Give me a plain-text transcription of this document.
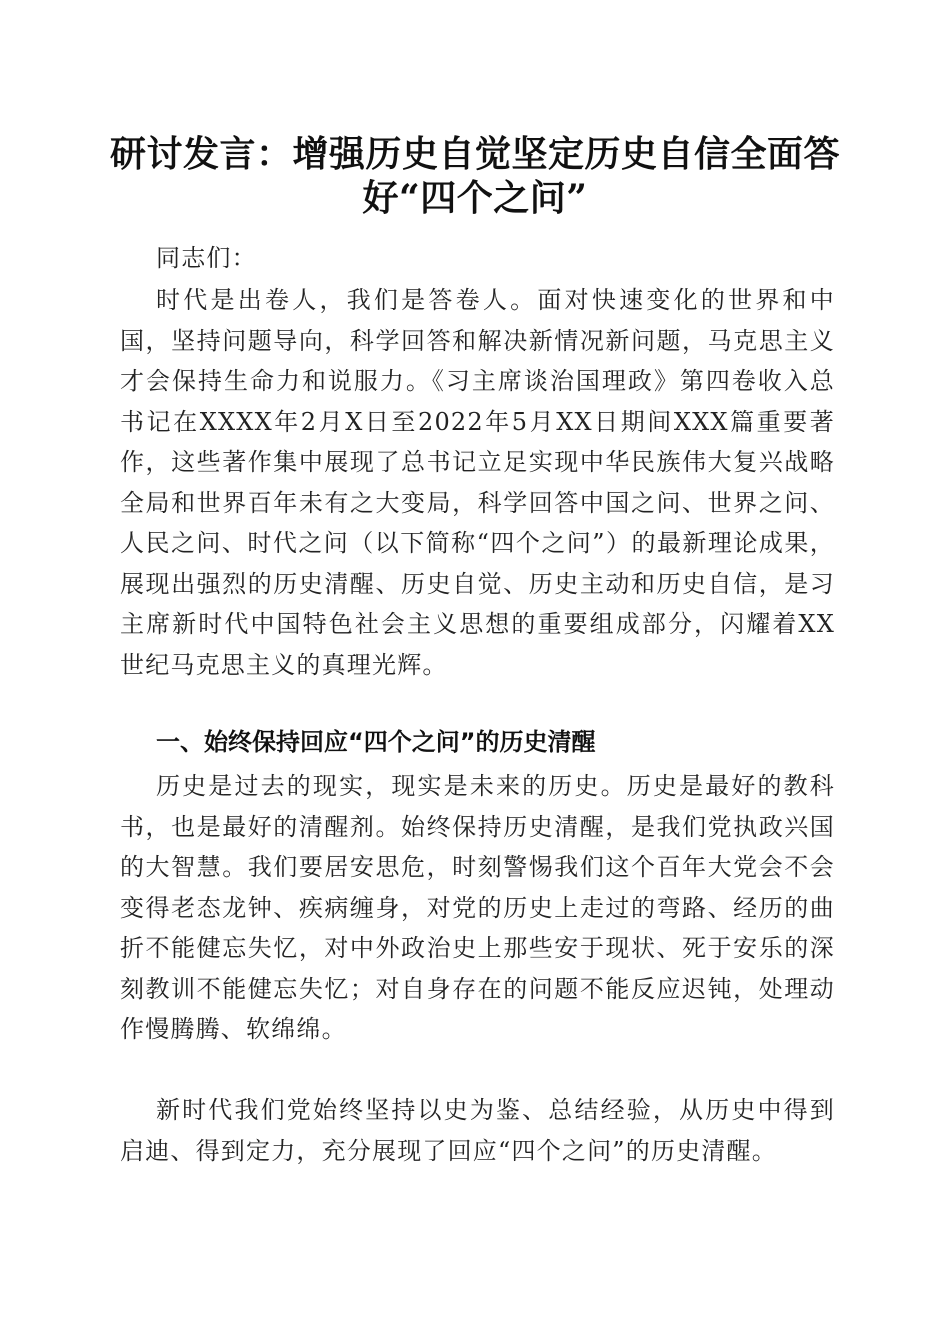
研讨发言：增强历史自觉坚定历史自信全面答好“四个之问”

同志们：

时代是出卷人，我们是答卷人。面对快速变化的世界和中国，坚持问题导向，科学回答和解决新情况新问题，马克思主义才会保持生命力和说服力。《习主席谈治国理政》第四卷收入总书记在XXXX年2月X日至2022年5月XX日期间XXX篇重要著作，这些著作集中展现了总书记立足实现中华民族伟大复兴战略全局和世界百年未有之大变局，科学回答中国之问、世界之问、人民之问、时代之问（以下简称“四个之问”）的最新理论成果，展现出强烈的历史清醒、历史自觉、历史主动和历史自信，是习主席新时代中国特色社会主义思想的重要组成部分，闪耀着XX世纪马克思主义的真理光辉。

一、始终保持回应“四个之问”的历史清醒

历史是过去的现实，现实是未来的历史。历史是最好的教科书，也是最好的清醒剂。始终保持历史清醒，是我们党执政兴国的大智慧。我们要居安思危，时刻警惕我们这个百年大党会不会变得老态龙钟、疾病缠身，对党的历史上走过的弯路、经历的曲折不能健忘失忆，对中外政治史上那些安于现状、死于安乐的深刻教训不能健忘失忆；对自身存在的问题不能反应迟钝，处理动作慢腾腾、软绵绵。

新时代我们党始终坚持以史为鉴、总结经验，从历史中得到启迪、得到定力，充分展现了回应“四个之问”的历史清醒。
